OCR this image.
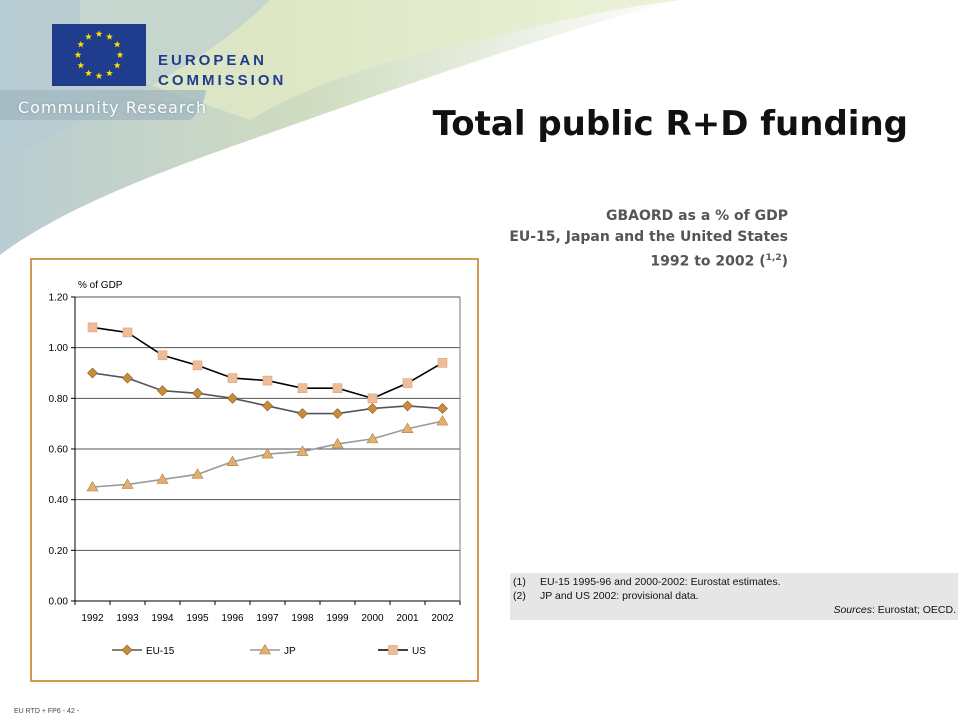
EUROPEAN
COMMISSION
Community Research	Total public R+D funding
GBAORD as a % of GDP
EU-15, Japan and the United States
1992 to 2002 ($^{1,2}$)
% of GDP
1.20
1.00
0.80
0.60
0.40
0.20
0.00
1992 1993 1994 1995 1996 1997 1998 1999 2000 2001 2002
EU-15	JP	US
(1) EU-15 1995-96 and 2000-2002: Eurostat estimates.
(2) JP and US 2002: provisional data.
Sources: Eurostat; OECD.
EU RTD + FP6 - 42 -
